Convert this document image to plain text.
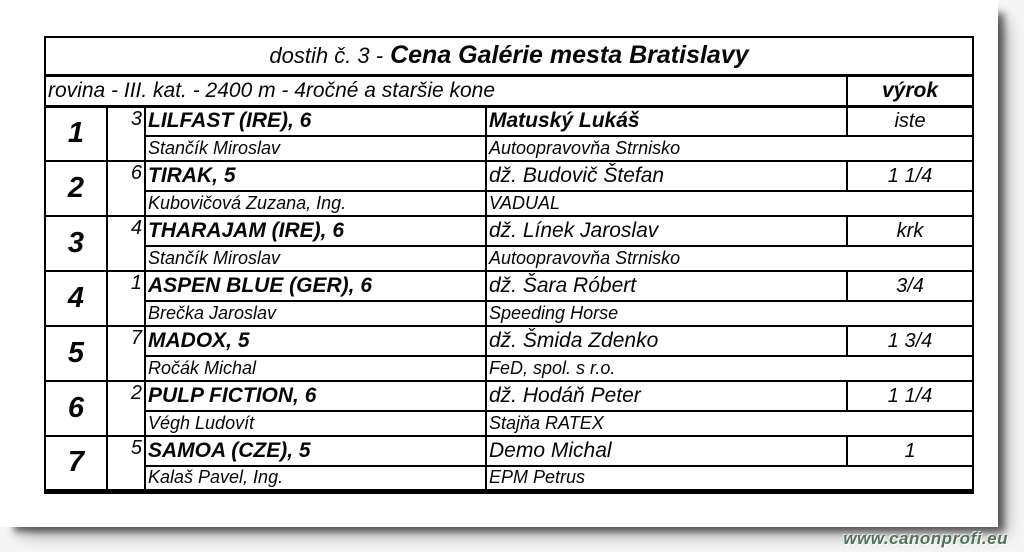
dostih č. 3 - Cena Galérie mesta Bratislavy				
rovina - III. kat. - 2400 m - 4ročné a staršie kone				výrok
1	3	LILFAST (IRE), 6	Matuský Lukáš	iste
		Stančík Miroslav	Autoopravovňa Strnisko	
2	6	TIRAK, 5	dž. Budovič Štefan	1 1/4
		Kubovičová Zuzana, Ing.	VADUAL	
3	4	THARAJAM (IRE), 6	dž. Línek Jaroslav	krk
		Stančík Miroslav	Autoopravovňa Strnisko	
4	1	ASPEN BLUE (GER), 6	dž. Šara Róbert	3/4
		Brečka Jaroslav	Speeding Horse	
5	7	MADOX, 5	dž. Šmida Zdenko	1 3/4
		Ročák Michal	FeD, spol. s r.o.	
6	2	PULP FICTION, 6	dž. Hodáň Peter	1 1/4
		Végh Ludovít	Stajňa RATEX	
7	5	SAMOA (CZE), 5	Demo Michal	1
		Kalaš Pavel, Ing.	EPM Petrus	
www.canonprofi.eu
